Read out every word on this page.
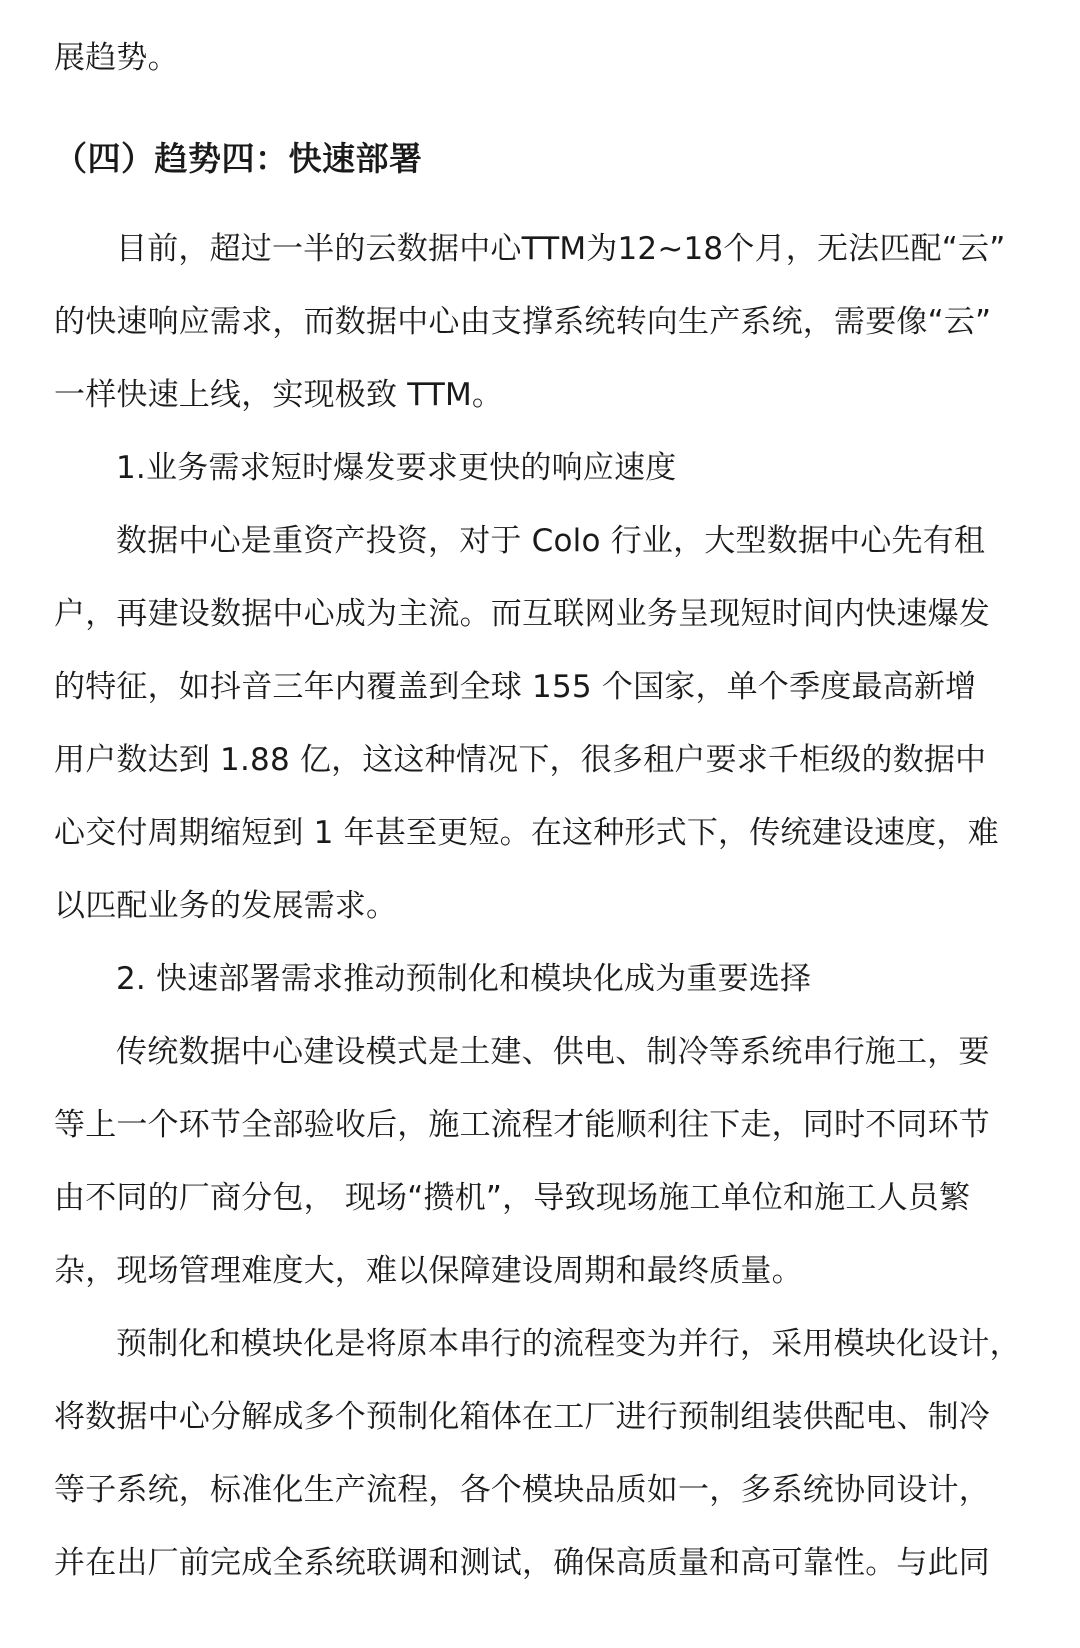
展趋势。
（四）趋势四：快速部署
目前，超过一半的云数据中心TTM为12~18个月，无法匹配“云”
的快速响应需求，而数据中心由支撑系统转向生产系统，需要像“云”
一样快速上线，实现极致 TTM。
1.业务需求短时爆发要求更快的响应速度
数据中心是重资产投资，对于 Colo 行业，大型数据中心先有租
户，再建设数据中心成为主流。而互联网业务呈现短时间内快速爆发
的特征，如抖音三年内覆盖到全球 155 个国家，单个季度最高新增
用户数达到 1.88 亿，这这种情况下，很多租户要求千柜级的数据中
心交付周期缩短到 1 年甚至更短。在这种形式下，传统建设速度，难
以匹配业务的发展需求。
2. 快速部署需求推动预制化和模块化成为重要选择
传统数据中心建设模式是土建、供电、制冷等系统串行施工，要
等上一个环节全部验收后，施工流程才能顺利往下走，同时不同环节
由不同的厂商分包， 现场“攒机”，导致现场施工单位和施工人员繁
杂，现场管理难度大，难以保障建设周期和最终质量。
预制化和模块化是将原本串行的流程变为并行，采用模块化设计，
将数据中心分解成多个预制化箱体在工厂进行预制组装供配电、制冷
等子系统，标准化生产流程，各个模块品质如一，多系统协同设计，
并在出厂前完成全系统联调和测试，确保高质量和高可靠性。与此同
